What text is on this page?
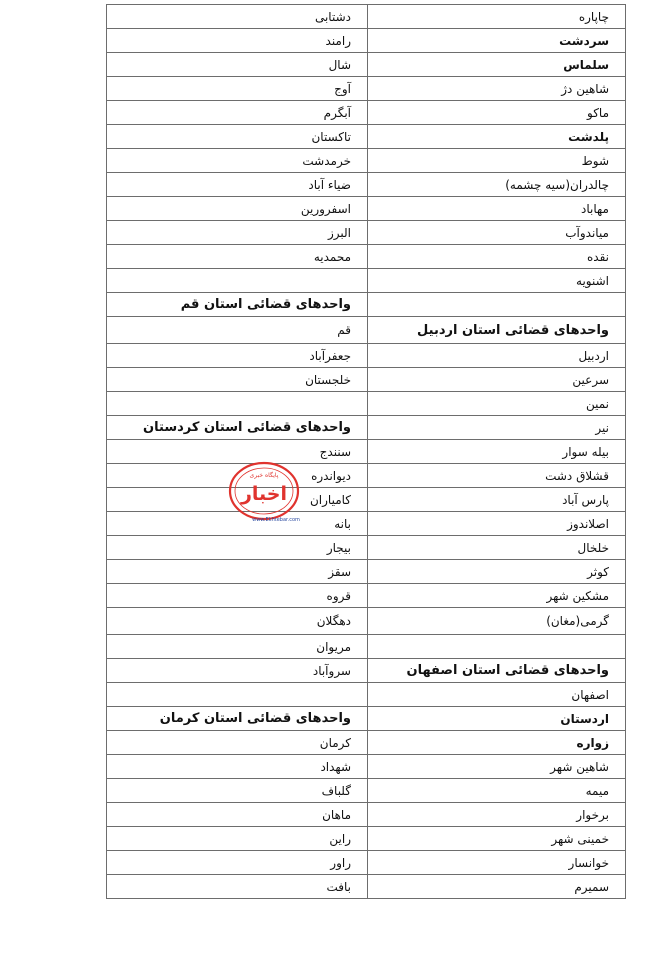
چاپاره	دشتابی
سردشت	رامند
سلماس	شال
شاهین دژ	آوج
ماکو	آبگرم
پلدشت	تاکستان
شوط	خرمدشت
چالدران(سیه چشمه)	ضیاء آباد
مهاباد	اسفرورین
میاندوآب	البرز
نقده	محمدیه
اشنویه	
	واحدهای قضائی استان قم
واحدهای قضائی استان اردبیل	قم
اردبیل	جعفرآباد
سرعین	خلجستان
نمین	
نیر	واحدهای قضائی استان کردستان
بیله سوار	سنندج
قشلاق دشت	دیواندره
پارس آباد	کامیاران
اصلاندوز	بانه
خلخال	بیجار
کوثر	سقز
مشکین شهر	قروه
گرمی(مغان)	دهگلان
	مریوان
واحدهای قضائی استان اصفهان	سروآباد
اصفهان	
اردستان	واحدهای قضائی استان کرمان
زواره	کرمان
شاهین شهر	شهداد
میمه	گلباف
برخوار	ماهان
خمینی شهر	راین
خوانسار	راور
سمیرم	بافت
پایگاه خبری
اخبار
www.Ekhtebar.com
